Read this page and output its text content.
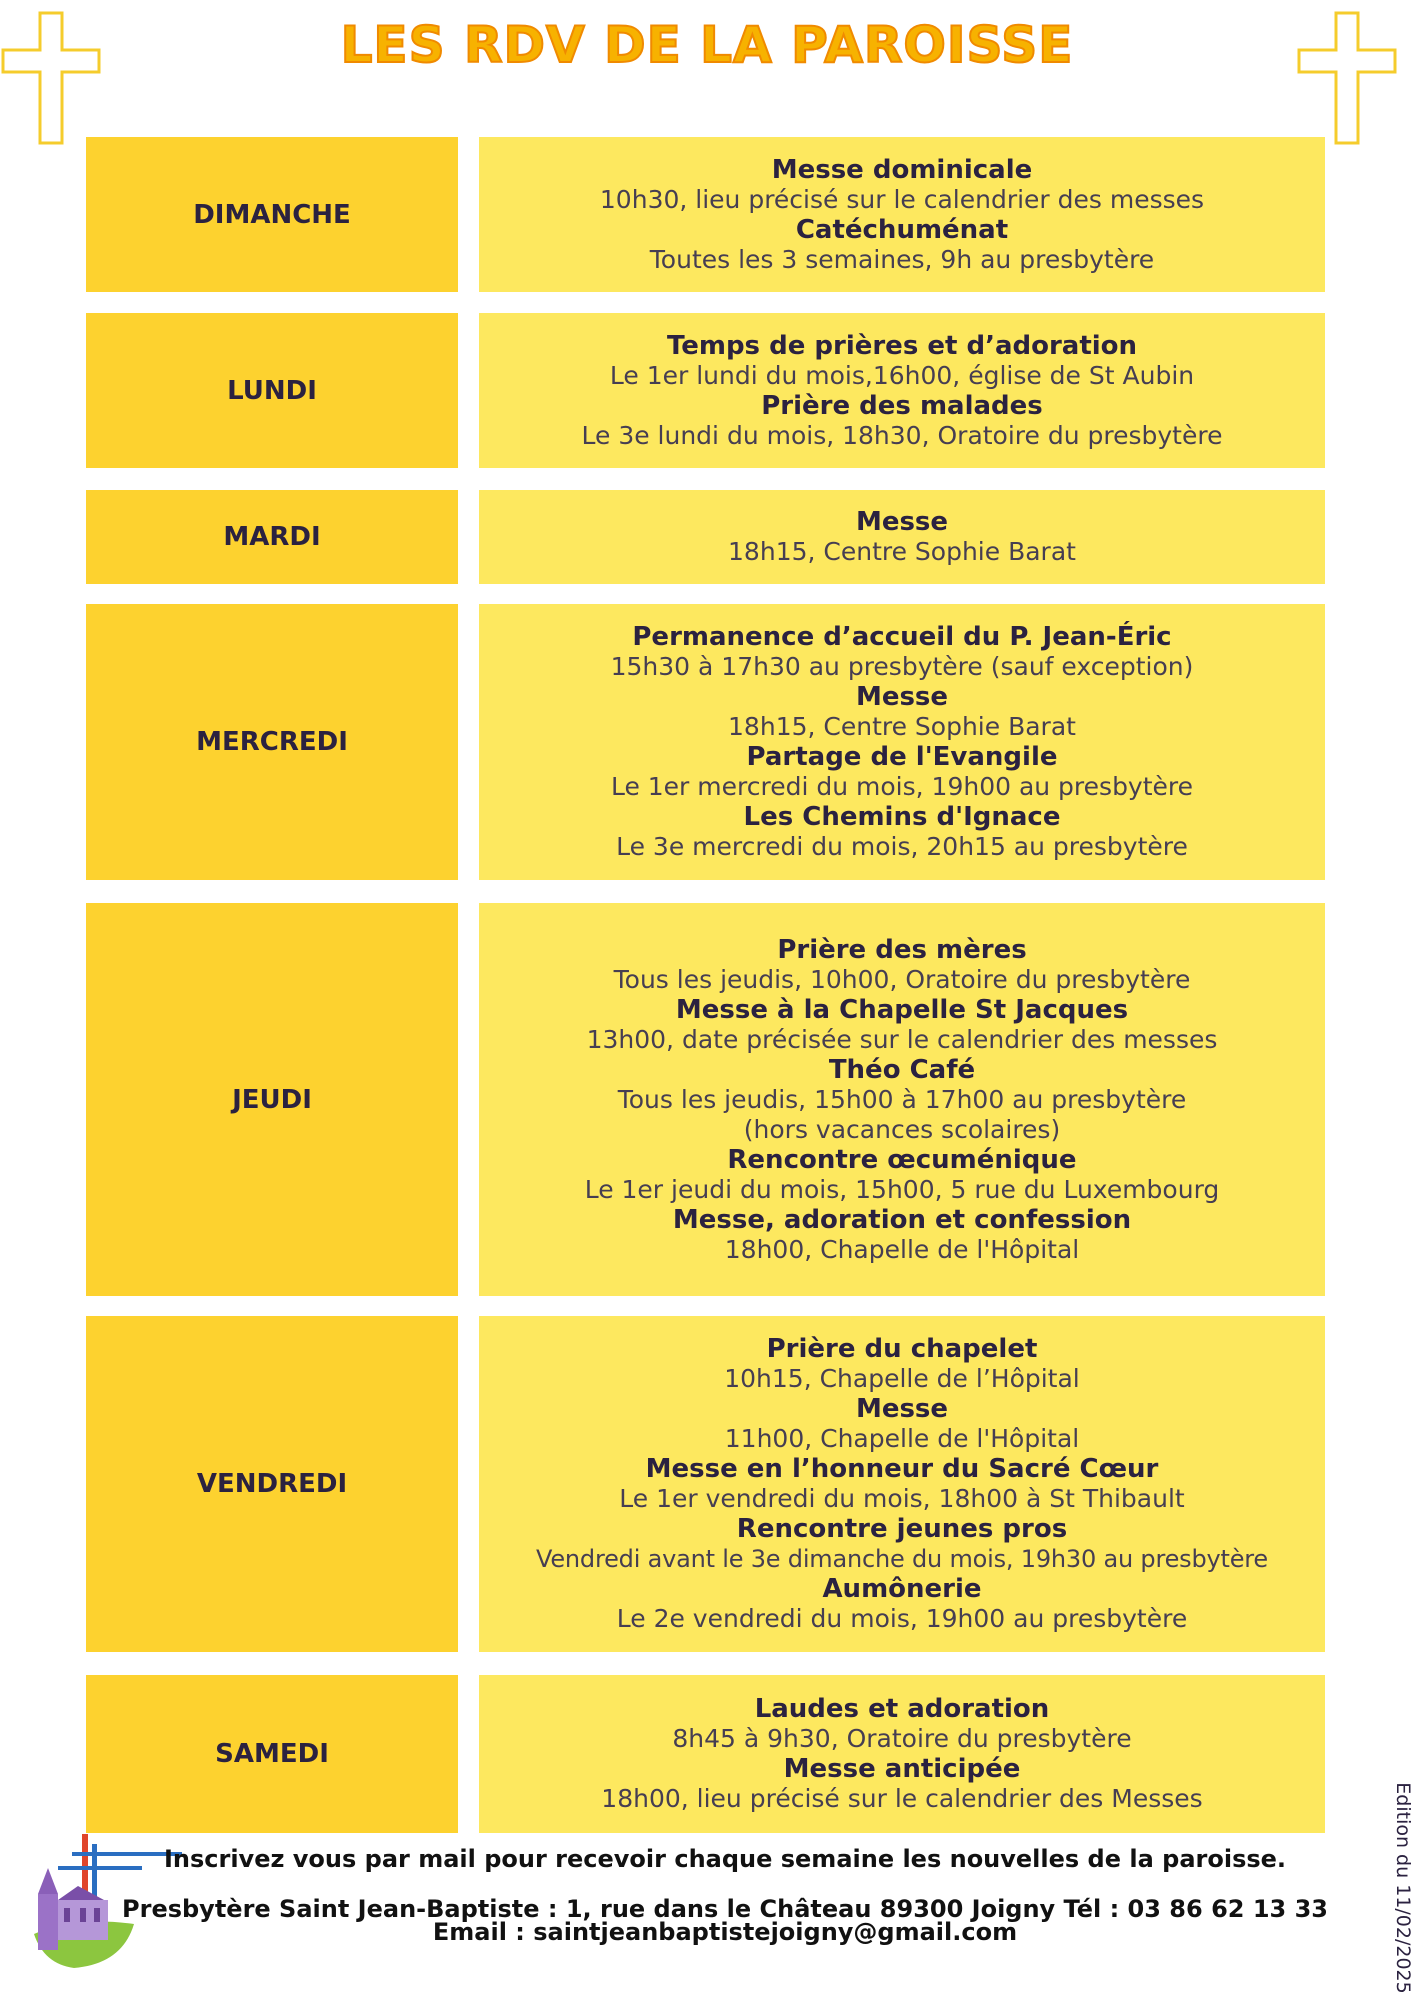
LES RDV DE LA PAROISSE
DIMANCHE
Messe dominicale
10h30, lieu précisé sur le calendrier des messes
Catéchuménat
Toutes les 3 semaines, 9h au presbytère
LUNDI
Temps de prières et d’adoration
Le 1er lundi du mois,16h00, église de St Aubin
Prière des malades
Le 3e lundi du mois, 18h30, Oratoire du presbytère
MARDI	Messe
18h15, Centre Sophie Barat
MERCREDI
Permanence d’accueil du P. Jean-Éric
15h30 à 17h30 au presbytère (sauf exception)
Messe
18h15, Centre Sophie Barat
Partage de l'Evangile
Le 1er mercredi du mois, 19h00 au presbytère
Les Chemins d'Ignace
Le 3e mercredi du mois, 20h15 au presbytère
JEUDI
Prière des mères
Tous les jeudis, 10h00, Oratoire du presbytère
Messe à la Chapelle St Jacques
13h00, date précisée sur le calendrier des messes
Théo Café
Tous les jeudis, 15h00 à 17h00 au presbytère
(hors vacances scolaires)
Rencontre œcuménique
Le 1er jeudi du mois, 15h00, 5 rue du Luxembourg
Messe, adoration et confession
18h00, Chapelle de l'Hôpital
VENDREDI
Prière du chapelet
10h15, Chapelle de l’Hôpital
Messe
11h00, Chapelle de l'Hôpital
Messe en l’honneur du Sacré Cœur
Le 1er vendredi du mois, 18h00 à St Thibault
Rencontre jeunes pros
Vendredi avant le 3e dimanche du mois, 19h30 au presbytère
Aumônerie
Le 2e vendredi du mois, 19h00 au presbytère
SAMEDI
Laudes et adoration
8h45 à 9h30, Oratoire du presbytère
Messe anticipée
18h00, lieu précisé sur le calendrier des Messes
Inscrivez vous par mail pour recevoir chaque semaine les nouvelles de la paroisse.
Presbytère Saint Jean-Baptiste : 1, rue dans le Château 89300 Joigny Tél : 03 86 62 13 33
Email : saintjeanbaptistejoigny@gmail.com	Edition du 11/02/2025
